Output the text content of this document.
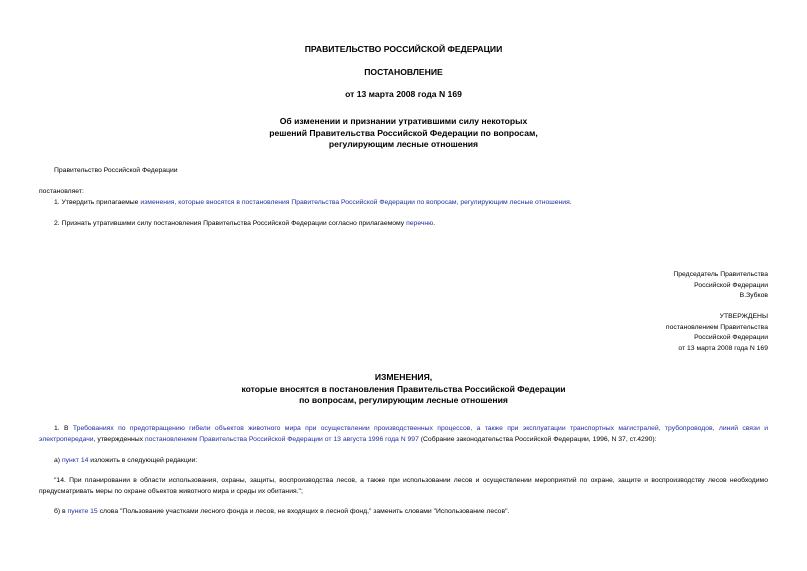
ПРАВИТЕЛЬСТВО РОССИЙСКОЙ ФЕДЕРАЦИИ
ПОСТАНОВЛЕНИЕ
от 13 марта 2008 года N 169
Об изменении и признании утратившими силу некоторых
решений Правительства Российской Федерации по вопросам,
регулирующим лесные отношения
Правительство Российской Федерации
постановляет:
1. Утвердить прилагаемые изменения, которые вносятся в постановления Правительства Российской Федерации по вопросам, регулирующим лесные отношения.
2. Признать утратившими силу постановления Правительства Российской Федерации согласно прилагаемому перечню.
Председатель Правительства
Российской Федерации
В.Зубков
УТВЕРЖДЕНЫ
постановлением Правительства
Российской Федерации
от 13 марта 2008 года N 169
ИЗМЕНЕНИЯ,
которые вносятся в постановления Правительства Российской Федерации
по вопросам, регулирующим лесные отношения
1. В Требованиях по предотвращению гибели объектов животного мира при осуществлении производственных процессов, а также при эксплуатации транспортных магистралей, трубопроводов, линий связи и электропередачи, утвержденных постановлением Правительства Российской Федерации от 13 августа 1996 года N 997 (Собрание законодательства Российской Федерации, 1996, N 37, ст.4290):
а) пункт 14 изложить в следующей редакции:
"14. При планировании в области использования, охраны, защиты, воспроизводства лесов, а также при использовании лесов и осуществлении мероприятий по охране, защите и воспроизводству лесов необходимо предусматривать меры по охране объектов животного мира и среды их обитания.";
б) в пункте 15 слова "Пользование участками лесного фонда и лесов, не входящих в лесной фонд," заменить словами "Использование лесов".
